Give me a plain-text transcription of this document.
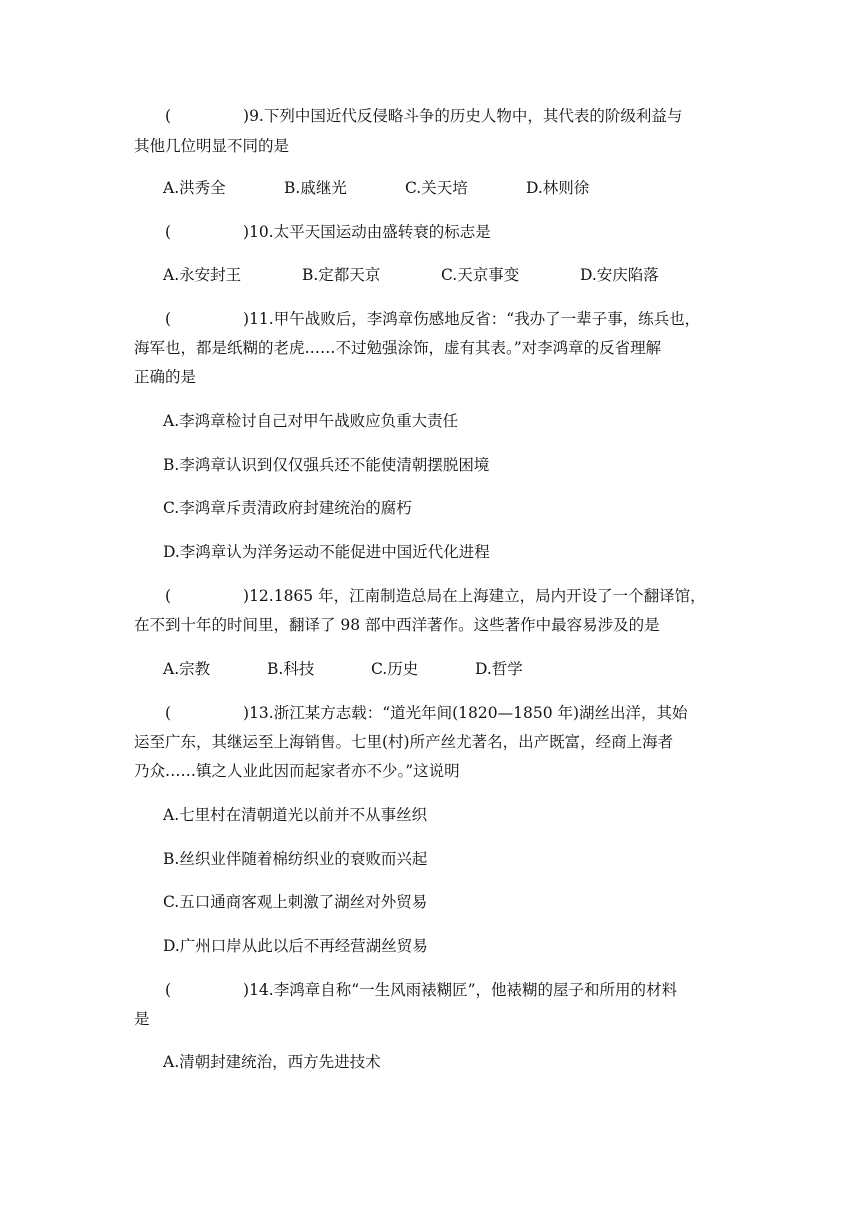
(	)9.下列中国近代反侵略斗争的历史人物中，其代表的阶级利益与
其他几位明显不同的是
A.洪秀全	B.戚继光	C.关天培	D.林则徐
(	)10.太平天国运动由盛转衰的标志是
A.永安封王	B.定都天京	C.天京事变	D.安庆陷落
(	)11.甲午战败后，李鸿章伤感地反省：“我办了一辈子事，练兵也，
海军也，都是纸糊的老虎……不过勉强涂饰，虚有其表。”对李鸿章的反省理解
正确的是
A.李鸿章检讨自己对甲午战败应负重大责任
B.李鸿章认识到仅仅强兵还不能使清朝摆脱困境
C.李鸿章斥责清政府封建统治的腐朽
D.李鸿章认为洋务运动不能促进中国近代化进程
(	)12.1865 年，江南制造总局在上海建立，局内开设了一个翻译馆，
在不到十年的时间里，翻译了 98 部中西洋著作。这些著作中最容易涉及的是
A.宗教	B.科技	C.历史	D.哲学
(	)13.浙江某方志载：“道光年间(1820—1850 年)湖丝出洋，其始
运至广东，其继运至上海销售。七里(村)所产丝尤著名，出产既富，经商上海者
乃众……镇之人业此因而起家者亦不少。”这说明
A.七里村在清朝道光以前并不从事丝织
B.丝织业伴随着棉纺织业的衰败而兴起
C.五口通商客观上刺激了湖丝对外贸易
D.广州口岸从此以后不再经营湖丝贸易
(	)14.李鸿章自称“一生风雨裱糊匠”，他裱糊的屋子和所用的材料
是
A.清朝封建统治，西方先进技术
